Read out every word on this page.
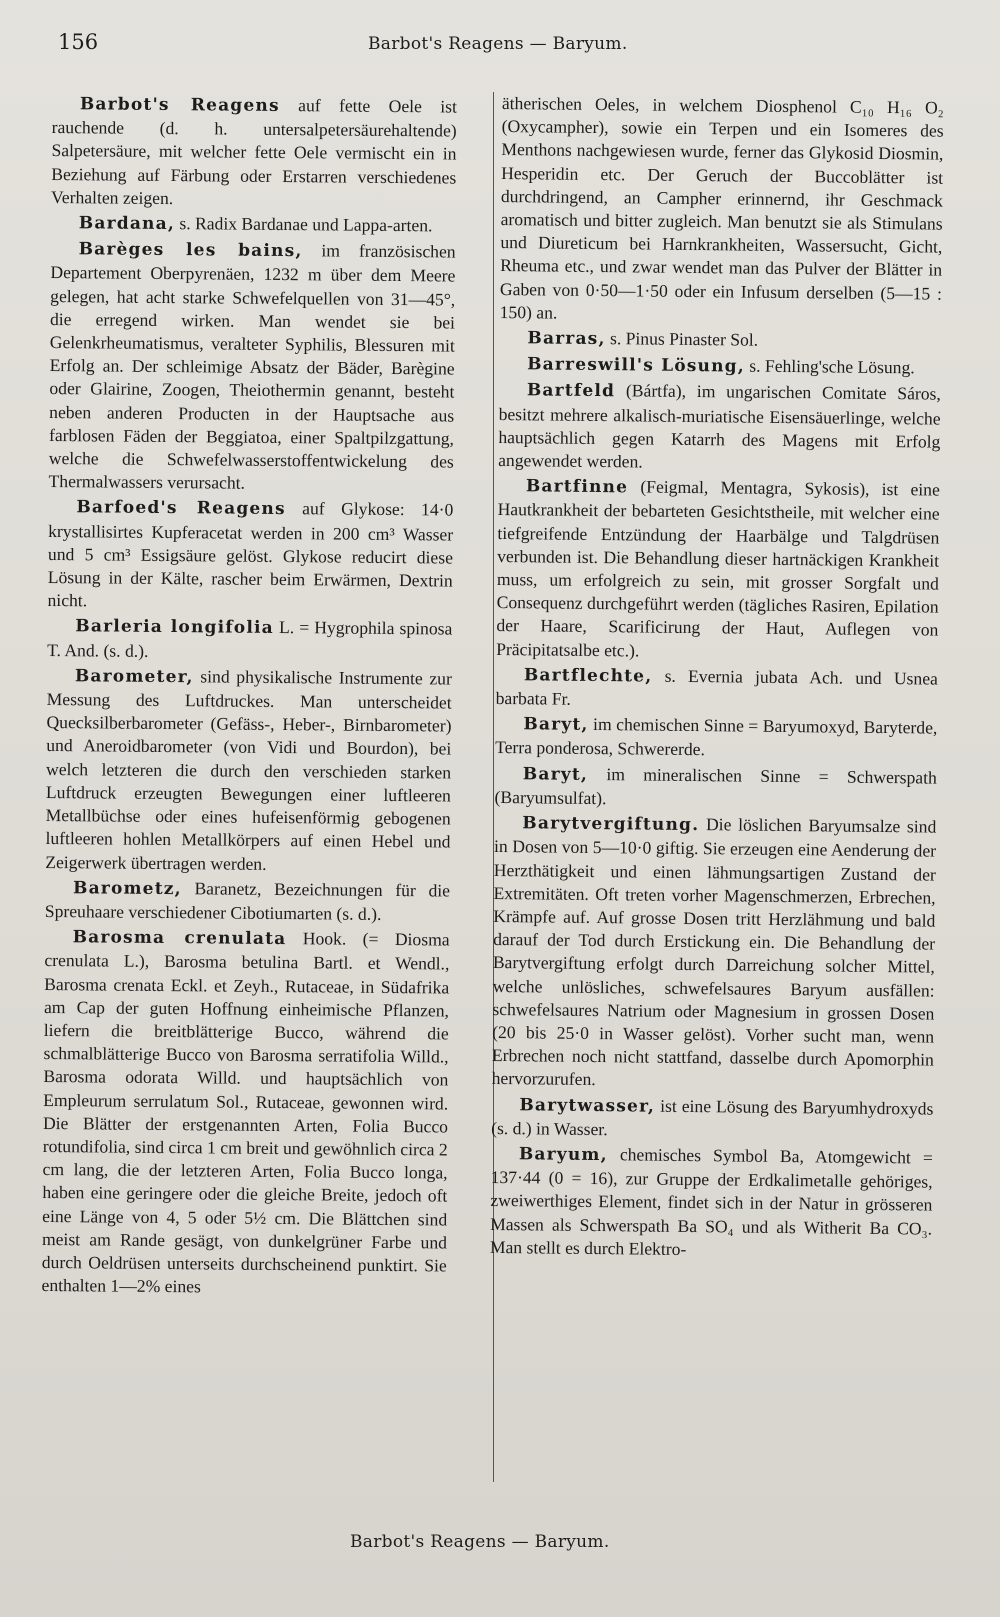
156	Barbot's Reagens — Baryum.

Barbot's Reagens auf fette Oele ist rauchende (d. h. untersalpetersäurehaltende) Salpetersäure, mit welcher fette Oele vermischt ein in Beziehung auf Färbung oder Erstarren verschiedenes Verhalten zeigen.

Bardana, s. Radix Bardanae und Lappa-arten.

Barèges les bains, im französischen Departement Oberpyrenäen, 1232 m über dem Meere gelegen, hat acht starke Schwefelquellen von 31—45°, die erregend wirken. Man wendet sie bei Gelenkrheumatismus, veralteter Syphilis, Blessuren mit Erfolg an. Der schleimige Absatz der Bäder, Barègine oder Glairine, Zoogen, Theiothermin genannt, besteht neben anderen Producten in der Hauptsache aus farblosen Fäden der Beggiatoa, einer Spaltpilzgattung, welche die Schwefelwasserstoffentwickelung des Thermalwassers verursacht.

Barfoed's Reagens auf Glykose: 14·0 krystallisirtes Kupferacetat werden in 200 cm³ Wasser und 5 cm³ Essigsäure gelöst. Glykose reducirt diese Lösung in der Kälte, rascher beim Erwärmen, Dextrin nicht.

Barleria longifolia L. = Hygrophila spinosa T. And. (s. d.).

Barometer, sind physikalische Instrumente zur Messung des Luftdruckes. Man unterscheidet Quecksilberbarometer (Gefäss-, Heber-, Birnbarometer) und Aneroidbarometer (von Vidi und Bourdon), bei welch letzteren die durch den verschieden starken Luftdruck erzeugten Bewegungen einer luftleeren Metallbüchse oder eines hufeisenförmig gebogenen luftleeren hohlen Metallkörpers auf einen Hebel und Zeigerwerk übertragen werden.

Barometz, Baranetz, Bezeichnungen für die Spreuhaare verschiedener Cibotiumarten (s. d.).

Barosma crenulata Hook. (= Diosma crenulata L.), Barosma betulina Bartl. et Wendl., Barosma crenata Eckl. et Zeyh., Rutaceae, in Südafrika am Cap der guten Hoffnung einheimische Pflanzen, liefern die breitblätterige Bucco, während die schmalblätterige Bucco von Barosma serratifolia Willd., Barosma odorata Willd. und hauptsächlich von Empleurum serrulatum Sol., Rutaceae, gewonnen wird. Die Blätter der erstgenannten Arten, Folia Bucco rotundifolia, sind circa 1 cm breit und gewöhnlich circa 2 cm lang, die der letzteren Arten, Folia Bucco longa, haben eine geringere oder die gleiche Breite, jedoch oft eine Länge von 4, 5 oder 5½ cm. Die Blättchen sind meist am Rande gesägt, von dunkelgrüner Farbe und durch Oeldrüsen unterseits durchscheinend punktirt. Sie enthalten 1—2% eines

ätherischen Oeles, in welchem Diosphenol C₁₀ H₁₆ O₂ (Oxycampher), sowie ein Terpen und ein Isomeres des Menthons nachgewiesen wurde, ferner das Glykosid Diosmin, Hesperidin etc. Der Geruch der Buccoblätter ist durchdringend, an Campher erinnernd, ihr Geschmack aromatisch und bitter zugleich. Man benutzt sie als Stimulans und Diureticum bei Harnkrankheiten, Wassersucht, Gicht, Rheuma etc., und zwar wendet man das Pulver der Blätter in Gaben von 0·50—1·50 oder ein Infusum derselben (5—15 : 150) an.

Barras, s. Pinus Pinaster Sol.

Barreswill's Lösung, s. Fehling'sche Lösung.

Bartfeld (Bártfa), im ungarischen Comitate Sáros, besitzt mehrere alkalisch-muriatische Eisensäuerlinge, welche hauptsächlich gegen Katarrh des Magens mit Erfolg angewendet werden.

Bartfinne (Feigmal, Mentagra, Sykosis), ist eine Hautkrankheit der bebarteten Gesichtstheile, mit welcher eine tiefgreifende Entzündung der Haarbälge und Talgdrüsen verbunden ist. Die Behandlung dieser hartnäckigen Krankheit muss, um erfolgreich zu sein, mit grosser Sorgfalt und Consequenz durchgeführt werden (tägliches Rasiren, Epilation der Haare, Scarificirung der Haut, Auflegen von Präcipitatsalbe etc.).

Bartflechte, s. Evernia jubata Ach. und Usnea barbata Fr.

Baryt, im chemischen Sinne = Baryumoxyd, Baryterde, Terra ponderosa, Schwererde.

Baryt, im mineralischen Sinne = Schwerspath (Baryumsulfat).

Barytvergiftung. Die löslichen Baryumsalze sind in Dosen von 5—10·0 giftig. Sie erzeugen eine Aenderung der Herzthätigkeit und einen lähmungsartigen Zustand der Extremitäten. Oft treten vorher Magenschmerzen, Erbrechen, Krämpfe auf. Auf grosse Dosen tritt Herzlähmung und bald darauf der Tod durch Erstickung ein. Die Behandlung der Barytvergiftung erfolgt durch Darreichung solcher Mittel, welche unlösliches, schwefelsaures Baryum ausfällen: schwefelsaures Natrium oder Magnesium in grossen Dosen (20 bis 25·0 in Wasser gelöst). Vorher sucht man, wenn Erbrechen noch nicht stattfand, dasselbe durch Apomorphin hervorzurufen.

Barytwasser, ist eine Lösung des Baryumhydroxyds (s. d.) in Wasser.

Baryum, chemisches Symbol Ba, Atomgewicht = 137·44 (0 = 16), zur Gruppe der Erdkalimetalle gehöriges, zweiwerthiges Element, findet sich in der Natur in grösseren Massen als Schwerspath Ba SO₄ und als Witherit Ba CO₃. Man stellt es durch Elektro-

Barbot's Reagens — Baryum.
